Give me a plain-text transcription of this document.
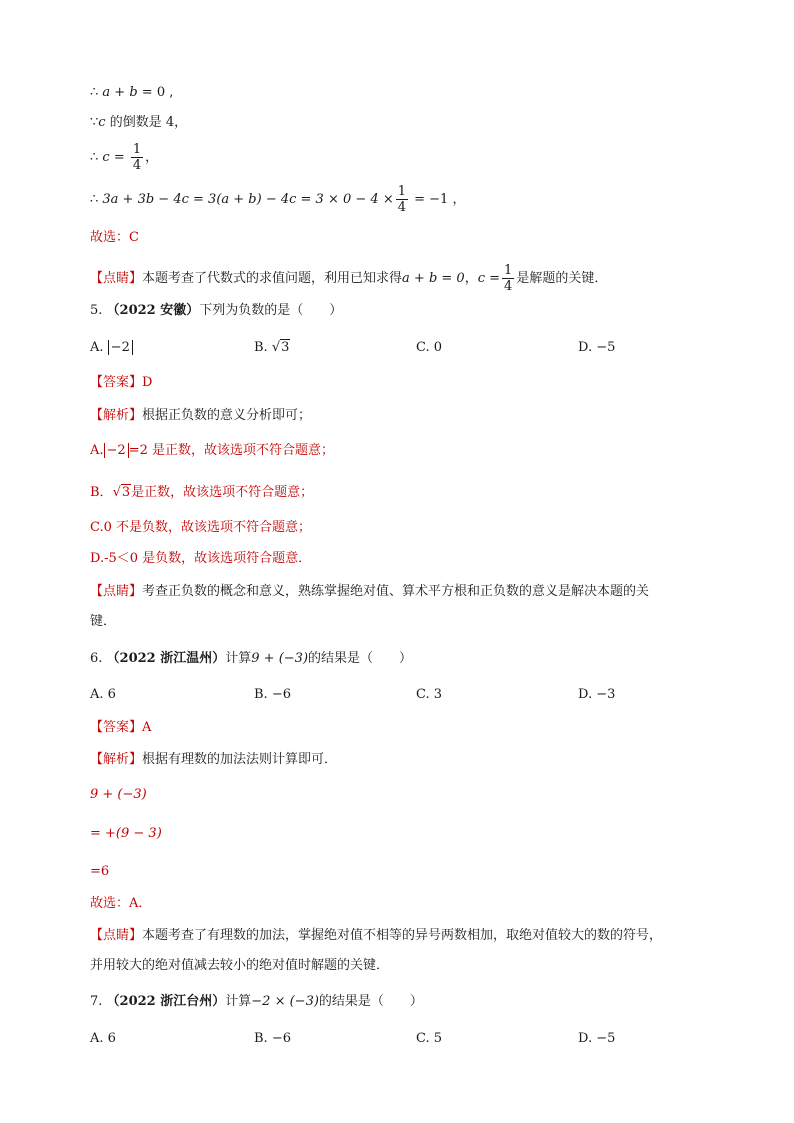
∴ a + b = 0 ,
∵c 的倒数是 4，
∴ $c = \frac{1}{4}$ ，
∴ $3a + 3b - 4c = 3(a + b) - 4c = 3 \times 0 - 4 \times \frac{1}{4} = -1$ ，
故选：C
【点睛】本题考查了代数式的求值问题，利用已知求得a + b = 0，$c = \frac{1}{4}$ 是解题的关键．
5. （2022 安徽）下列为负数的是（　　）
A. −2	B. √3	C. 0	D. −5
【答案】D
【解析】根据正负数的意义分析即可；
A. −2 =2 是正数，故该选项不符合题意；
B．√3是正数，故该选项不符合题意；
C.0 不是负数，故该选项不符合题意；
D.-5＜0 是负数，故该选项符合题意．
【点睛】考查正负数的概念和意义，熟练掌握绝对值、算术平方根和正负数的意义是解决本题的关
键．
6. （2022 浙江温州）计算9 + (−3)的结果是（　　）
A. 6	B. −6	C. 3	D. −3
【答案】A
【解析】根据有理数的加法法则计算即可．
9 + (−3)
= +(9 − 3)
=6
故选：A．
【点睛】本题考查了有理数的加法，掌握绝对值不相等的异号两数相加，取绝对值较大的数的符号，
并用较大的绝对值减去较小的绝对值时解题的关键．
7. （2022 浙江台州）计算−2 × (−3)的结果是（　　）
A. 6	B. −6	C. 5	D. −5
